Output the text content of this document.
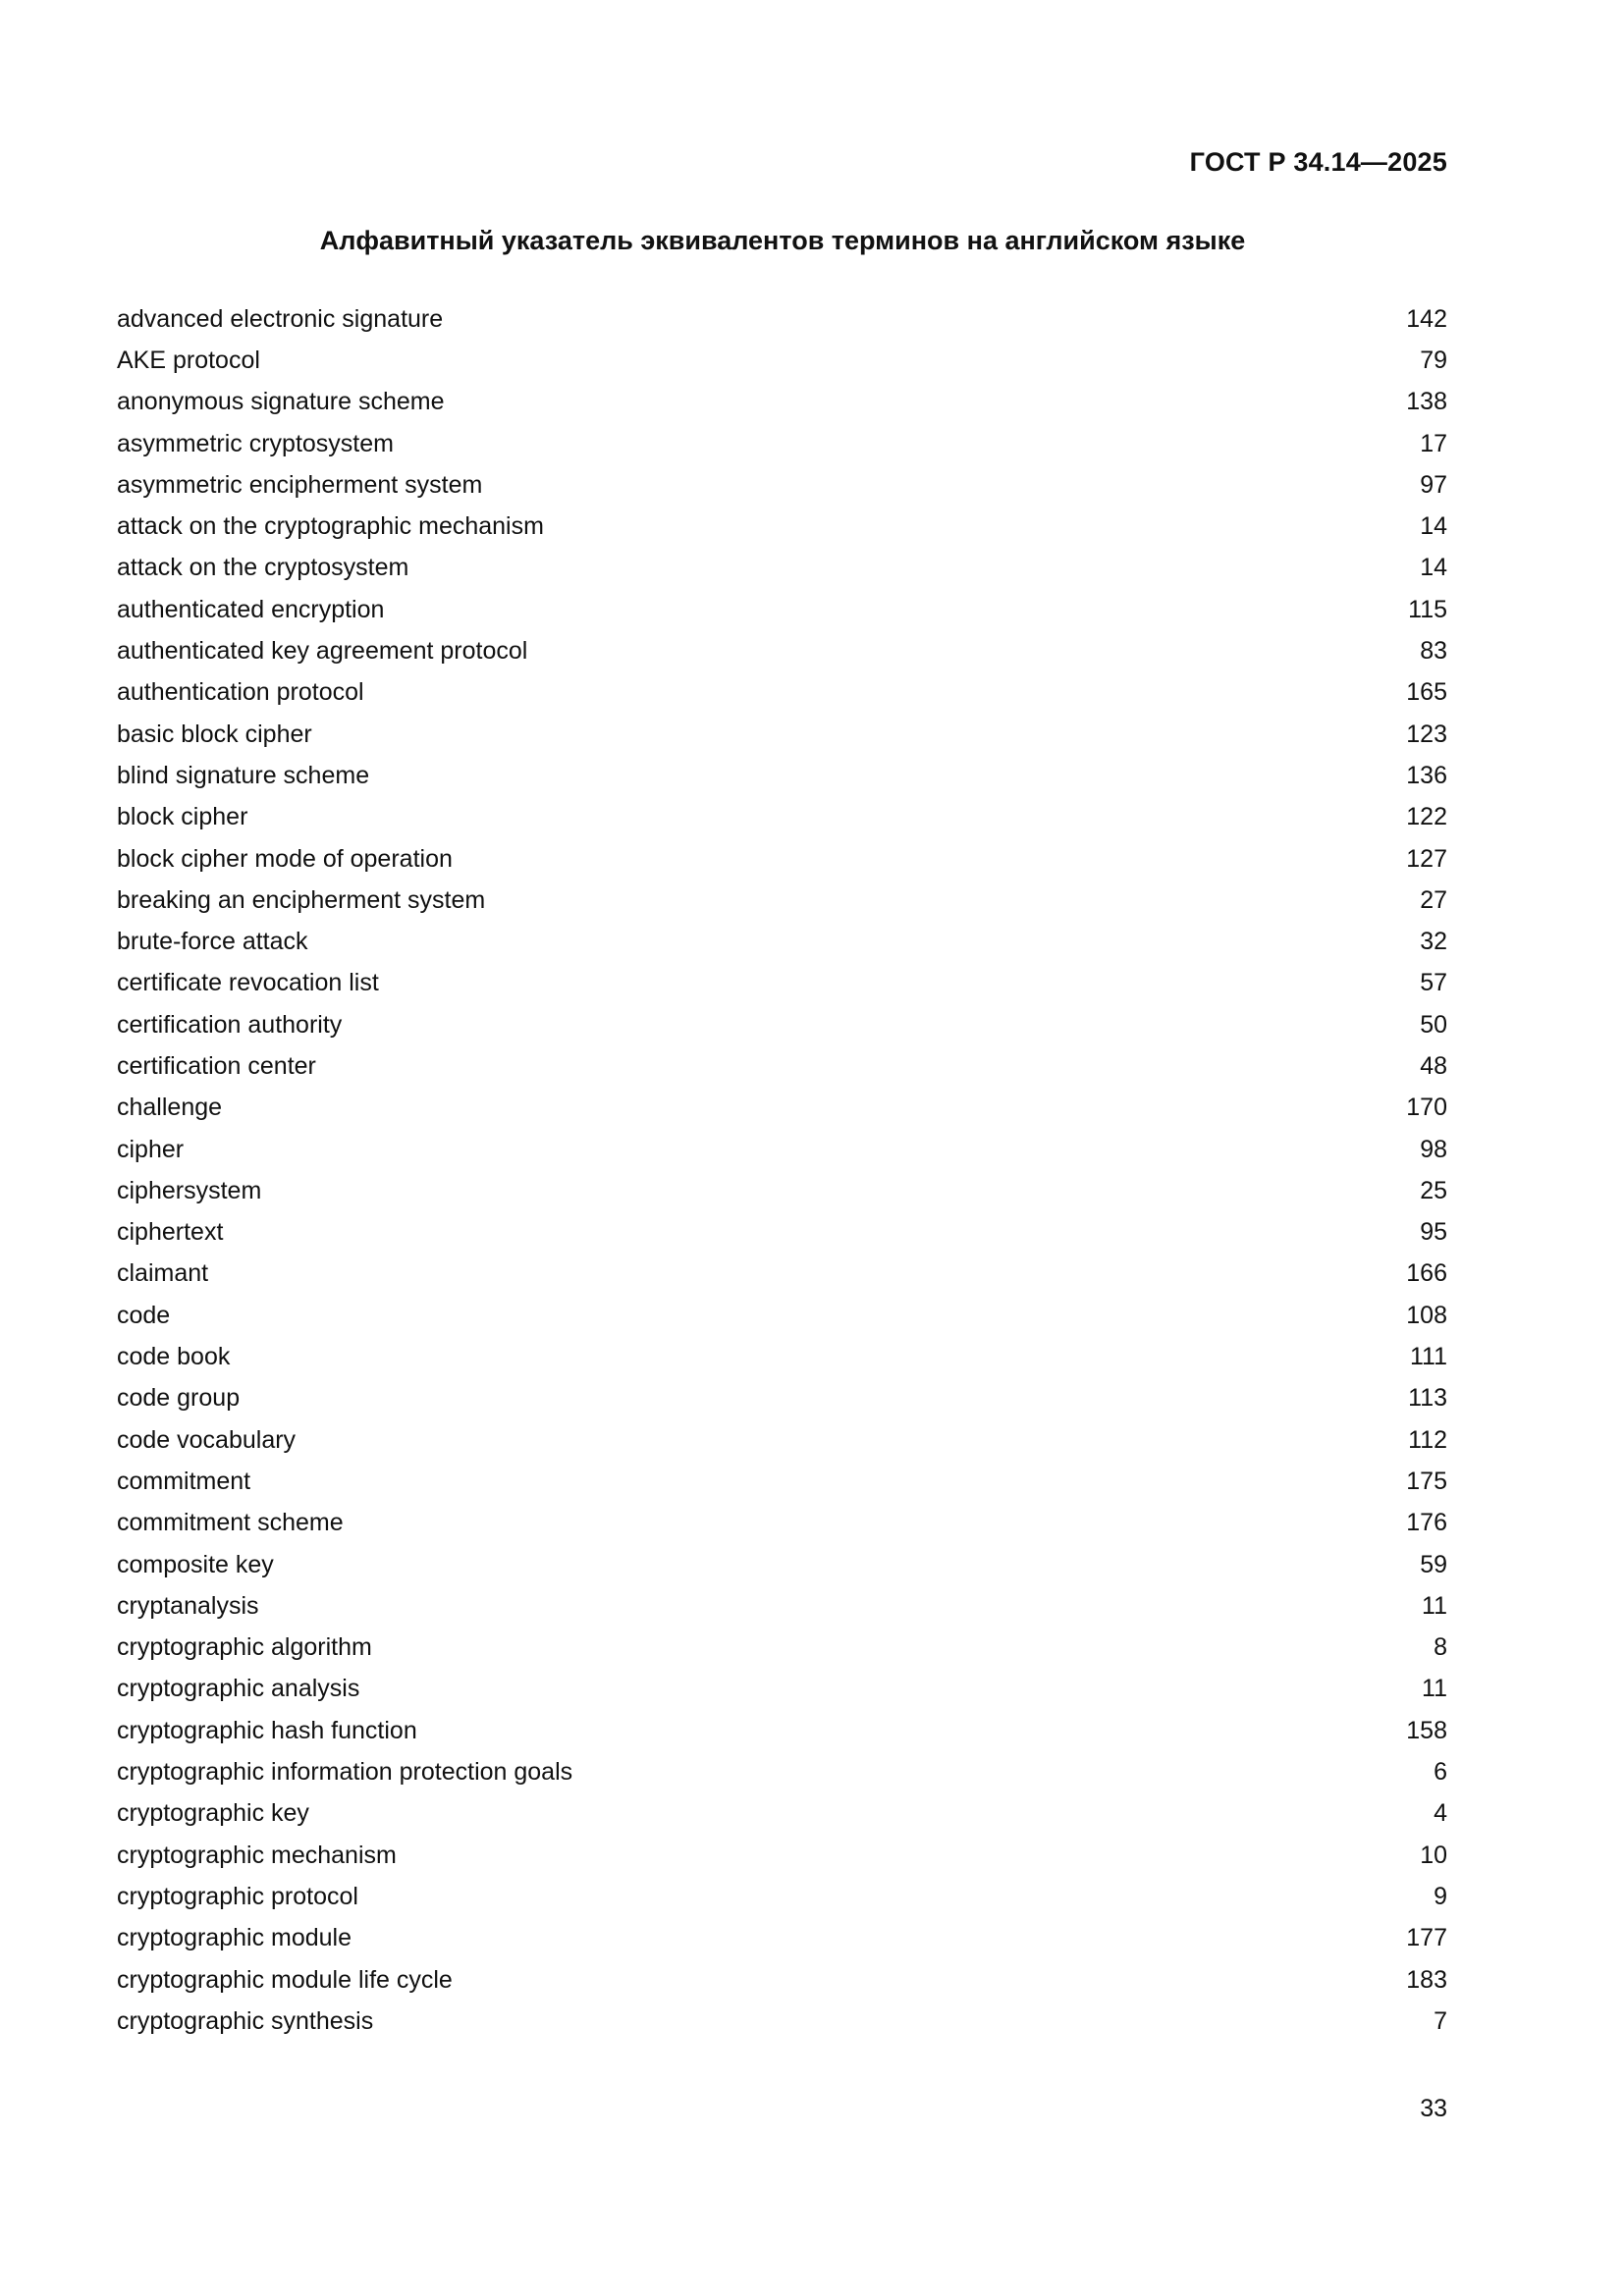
ГОСТ Р 34.14—2025
Алфавитный указатель эквивалентов терминов на английском языке
advanced electronic signature	142
AKE protocol	79
anonymous signature scheme	138
asymmetric cryptosystem	17
asymmetric encipherment system	97
attack on the cryptographic mechanism	14
attack on the cryptosystem	14
authenticated encryption	115
authenticated key agreement protocol	83
authentication protocol	165
basic block cipher	123
blind signature scheme	136
block cipher	122
block cipher mode of operation	127
breaking an encipherment system	27
brute-force attack	32
certificate revocation list	57
certification authority	50
certification center	48
challenge	170
cipher	98
ciphersystem	25
ciphertext	95
claimant	166
code	108
code book	111
code group	113
code vocabulary	112
commitment	175
commitment scheme	176
composite key	59
cryptanalysis	11
cryptographic algorithm	8
cryptographic analysis	11
cryptographic hash function	158
cryptographic information protection goals	6
cryptographic key	4
cryptographic mechanism	10
cryptographic protocol	9
cryptographic module	177
cryptographic module life cycle	183
cryptographic synthesis	7
33
